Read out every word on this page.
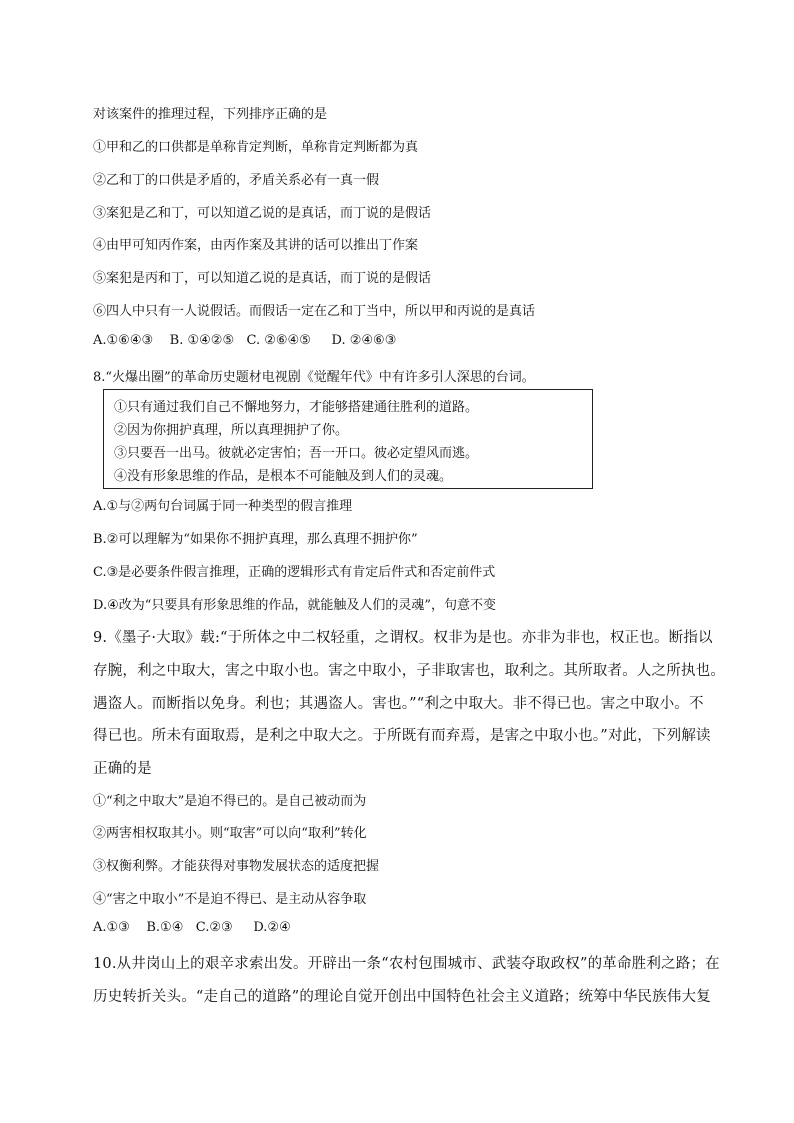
对该案件的推理过程，下列排序正确的是
①甲和乙的口供都是单称肯定判断，单称肯定判断都为真
②乙和丁的口供是矛盾的，矛盾关系必有一真一假
③案犯是乙和丁，可以知道乙说的是真话，而丁说的是假话
④由甲可知丙作案，由丙作案及其讲的话可以推出丁作案
⑤案犯是丙和丁，可以知道乙说的是真话，而丁说的是假话
⑥四人中只有一人说假话。而假话一定在乙和丁当中，所以甲和丙说的是真话
A.①⑥④③    B. ①④②⑤   C. ②⑥④⑤     D. ②④⑥③
8.“火爆出圈”的革命历史题材电视剧《觉醒年代》中有许多引人深思的台词。
①只有通过我们自己不懈地努力，才能够搭建通往胜利的道路。
②因为你拥护真理，所以真理拥护了你。
③只要吾一出马。彼就必定害怕；吾一开口。彼必定望风而逃。
④没有形象思维的作品，是根本不可能触及到人们的灵魂。
A.①与②两句台词属于同一种类型的假言推理
B.②可以理解为“如果你不拥护真理，那么真理不拥护你”
C.③是必要条件假言推理，正确的逻辑形式有肯定后件式和否定前件式
D.④改为“只要具有形象思维的作品，就能触及人们的灵魂”，句意不变
9.《墨子·大取》载:“于所体之中二权轻重，之谓权。权非为是也。亦非为非也，权正也。断指以
存腕，利之中取大，害之中取小也。害之中取小，子非取害也，取利之。其所取者。人之所执也。
遇盗人。而断指以免身。利也；其遇盗人。害也。”“利之中取大。非不得已也。害之中取小。不
得已也。所未有面取焉，是利之中取大之。于所既有而弃焉，是害之中取小也。”对此，下列解读
正确的是
①“利之中取大”是迫不得已的。是自己被动而为
②两害相权取其小。则“取害”可以向“取利”转化
③权衡利弊。才能获得对事物发展状态的适度把握
④“害之中取小”不是迫不得已、是主动从容争取
A.①③    B.①④   C.②③     D.②④
10.从井岗山上的艰辛求索出发。开辟出一条“农村包围城市、武装夺取政权”的革命胜利之路；在
历史转折关头。“走自己的道路”的理论自觉开创出中国特色社会主义道路；统筹中华民族伟大复
